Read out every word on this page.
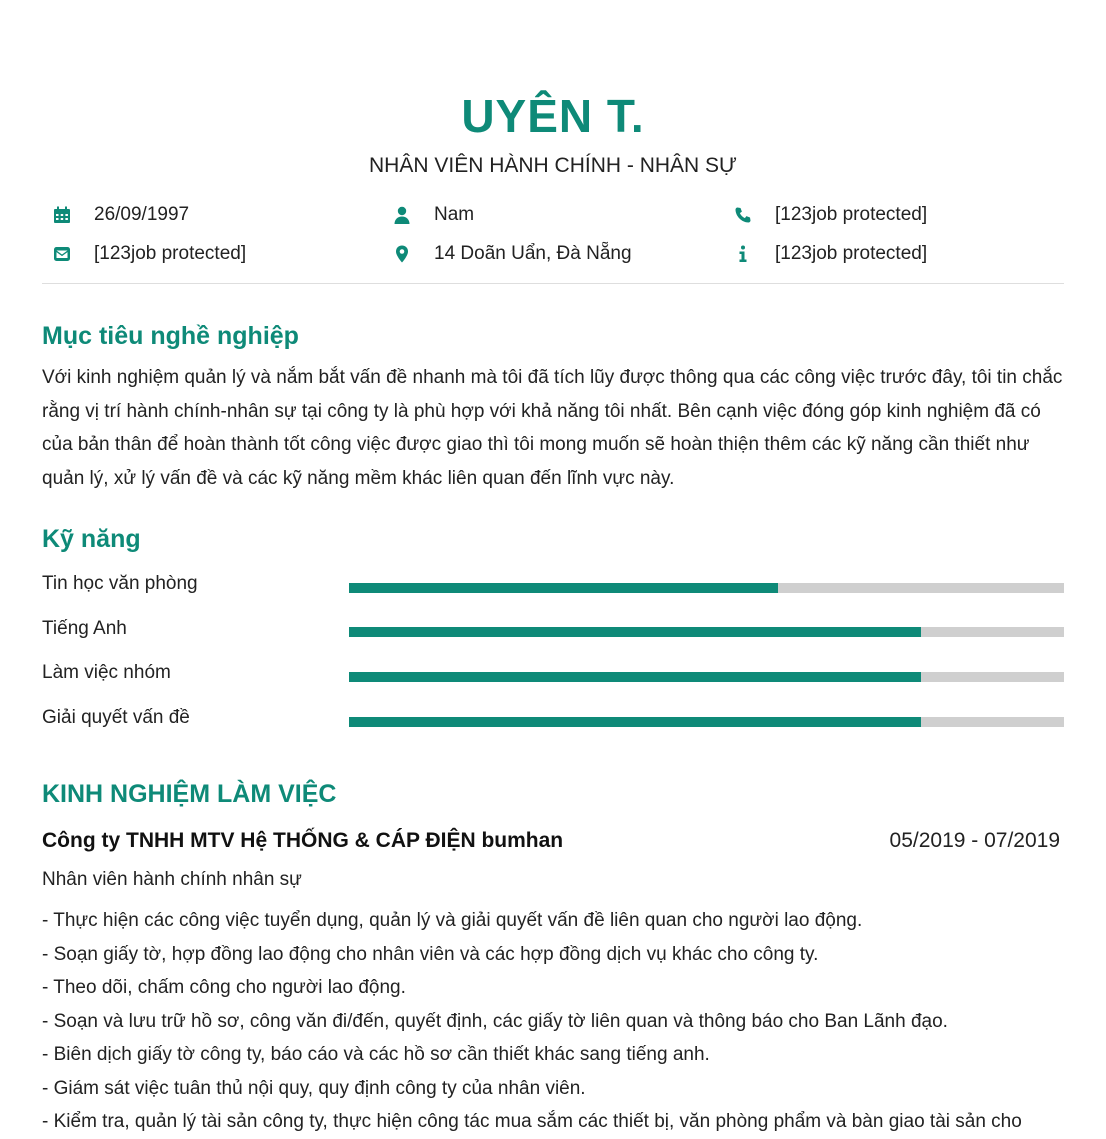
UYÊN T.
NHÂN VIÊN HÀNH CHÍNH - NHÂN SỰ
26/09/1997	Nam	[123job protected]
[123job protected]	14 Doãn Uẩn, Đà Nẵng	[123job protected]
Mục tiêu nghề nghiệp

Với kinh nghiệm quản lý và nắm bắt vấn đề nhanh mà tôi đã tích lũy được thông qua các công việc trước đây, tôi tin chắc rằng vị trí hành chính-nhân sự tại công ty là phù hợp với khả năng tôi nhất. Bên cạnh việc đóng góp kinh nghiệm đã có của bản thân để hoàn thành tốt công việc được giao thì tôi mong muốn sẽ hoàn thiện thêm các kỹ năng cần thiết như quản lý, xử lý vấn đề và các kỹ năng mềm khác liên quan đến lĩnh vực này.

Kỹ năng
Tin học văn phòng
Tiếng Anh
Làm việc nhóm
Giải quyết vấn đề
KINH NGHIỆM LÀM VIỆC
Công ty TNHH MTV Hệ THỐNG & CÁP ĐIỆN bumhan	05/2019 - 07/2019
Nhân viên hành chính nhân sự
- Thực hiện các công việc tuyển dụng, quản lý và giải quyết vấn đề liên quan cho người lao động.
- Soạn giấy tờ, hợp đồng lao động cho nhân viên và các hợp đồng dịch vụ khác cho công ty.
- Theo dõi, chấm công cho người lao động.
- Soạn và lưu trữ hồ sơ, công văn đi/đến, quyết định, các giấy tờ liên quan và thông báo cho Ban Lãnh đạo.
- Biên dịch giấy tờ công ty, báo cáo và các hồ sơ cần thiết khác sang tiếng anh.
- Giám sát việc tuân thủ nội quy, quy định công ty của nhân viên.
- Kiểm tra, quản lý tài sản công ty, thực hiện công tác mua sắm các thiết bị, văn phòng phẩm và bàn giao tài sản cho
